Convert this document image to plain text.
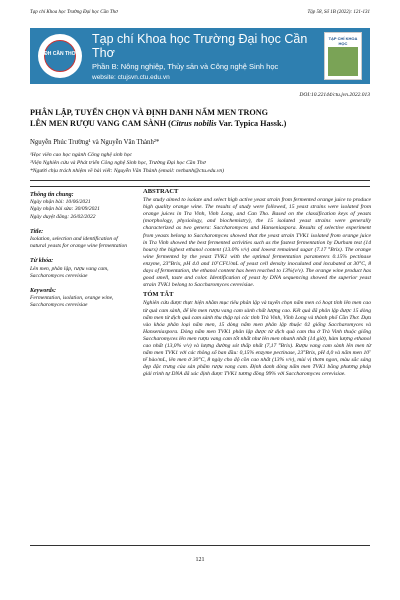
Tạp chí Khoa học Trường Đại học Cần Thơ	Tập 58, Số 1B (2022): 121-131
ĐH CẦN THƠ
Tạp chí Khoa học Trường Đại học Cần Thơ
Phần B: Nông nghiệp, Thủy sản và Công nghệ Sinh học
website: ctujsvn.ctu.edu.vn
TẠP CHÍ KHOA HỌC
DOI:10.22144/ctu.jvn.2022.013
PHÂN LẬP, TUYỂN CHỌN VÀ ĐỊNH DANH NẤM MEN TRONG
LÊN MEN RƯỢU VANG CAM SÀNH (Citrus nobilis Var. Typica Hassk.)
Nguyễn Phúc Trường¹ và Nguyễn Văn Thành²*
¹Học viên cao học ngành Công nghệ sinh học
²Viện Nghiên cứu và Phát triển Công nghệ Sinh học, Trường Đại học Cần Thơ
*Người chịu trách nhiệm về bài viết: Nguyễn Văn Thành (email: nvthanh@ctu.edu.vn)
Thông tin chung:
Ngày nhận bài: 10/06/2021
Ngày nhận bài sửa: 30/09/2021
Ngày duyệt đăng: 26/02/2022
Title:
Isolation, selection and identification of natural yeasts for orange wine fermentation
Từ khóa:
Lên men, phân lập, rượu vang cam, Saccharomyces cerevisiae
Keywords:
Fermentation, isolation, orange wine, Saccharomyces cerevisiae
ABSTRACT

The study aimed to isolate and select high active yeast strain from fermented orange juice to produce high quality orange wine. The results of study were followed, 15 yeast strains were isolated from orange juices in Tra Vinh, Vinh Long, and Can Tho. Based on the classification keys of yeasts (morphology, physiology, and biochemistry), the 15 isolated yeast strains were generally characterized as two genera: Saccharomyces and Hanseniaspora. Results of selective experiment from yeasts belong to Saccharomyces showed that the yeast strain TVK1 isolated from orange juice in Tra Vinh showed the best fermented activities such as the fastest fermentation by Durham test (14 hours) the highest ethanol content (13.0% v/v) and lowest remained sugar (7.17 °Brix). The orange wine fermented by the yeast TVK1 with the optimal fermentation parameters 0.15% pectinase enzyme, 23°Brix, pH 4.0 and 10⁷CFU/mL of yeast cell density inoculated and incubated at 30°C, 8 days of fermentation, the ethanol content has been reached to 13%(v/v). The orange wine product has good smell, taste and color. Identification of yeast by DNA sequencing showed the superior yeast strain TVK1 belong to Saccharomyces cerevisiae.

TÓM TẮT

Nghiên cứu được thực hiện nhằm mục tiêu phân lập và tuyển chọn nấm men có hoạt tính lên men cao từ quả cam sành, để lên men rượu vang cam sành chất lượng cao. Kết quả đã phân lập được 15 dòng nấm men từ dịch quả cam sành thu thập tại các tỉnh Trà Vinh, Vĩnh Long và thành phố Cần Thơ. Dựa vào khóa phân loại nấm men, 15 dòng nấm men phân lập thuộc 02 giống Saccharomyces và Hanseniaspora. Dòng nấm men TVK1 phân lập được từ dịch quả cam thu ở Trà Vinh thuộc giống Saccharomyces lên men rượu vang cam tốt nhất như lên men nhanh nhất (14 giờ), hàm lượng ethanol cao nhất (13,0% v/v) và lượng đường sót thấp nhất (7,17 °Brix). Rượu vang cam sành lên men từ nấm men TVK1 với các thông số ban đầu: 0,15% enzyme pectinase, 23°Brix, pH 4,0 và nấm men 10⁷ tế bào/mL, lên men ở 30°C, 8 ngày cho độ cồn cao nhất (13% v/v), mùi vị thơm ngon, màu sắc sáng đẹp đặc trưng của sản phẩm rượu vang cam. Định danh dòng nấm men TVK1 bằng phương pháp giải trình tự DNA đã xác định được TVK1 tương đồng 99% với Saccharomyces cerevisiae.

121
